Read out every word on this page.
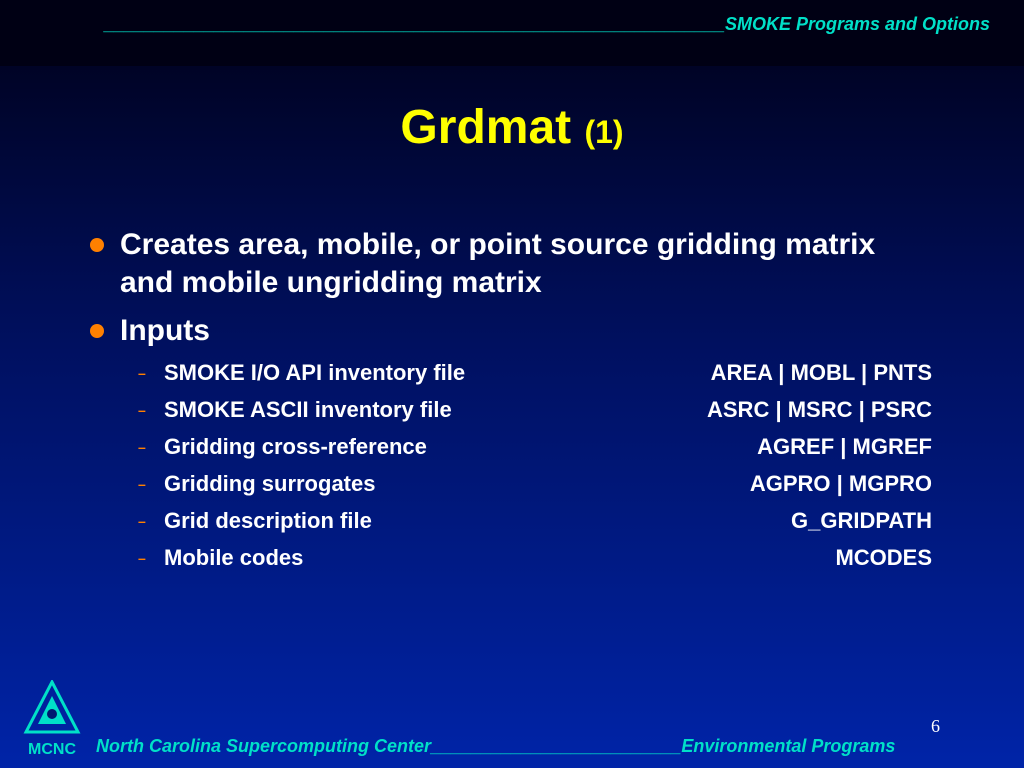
______________________________________________________________SMOKE Programs and Options
Grdmat (1)
Creates area, mobile, or point source gridding matrix and mobile ungridding matrix
Inputs
– SMOKE I/O API inventory file	AREA | MOBL | PNTS
– SMOKE ASCII inventory file	ASRC | MSRC | PSRC
– Gridding cross-reference	AGREF | MGREF
– Gridding surrogates	AGPRO | MGPRO
– Grid description file	G_GRIDPATH
– Mobile codes	MCODES
MCNC North Carolina Supercomputing Center_________________________Environmental Programs
6
